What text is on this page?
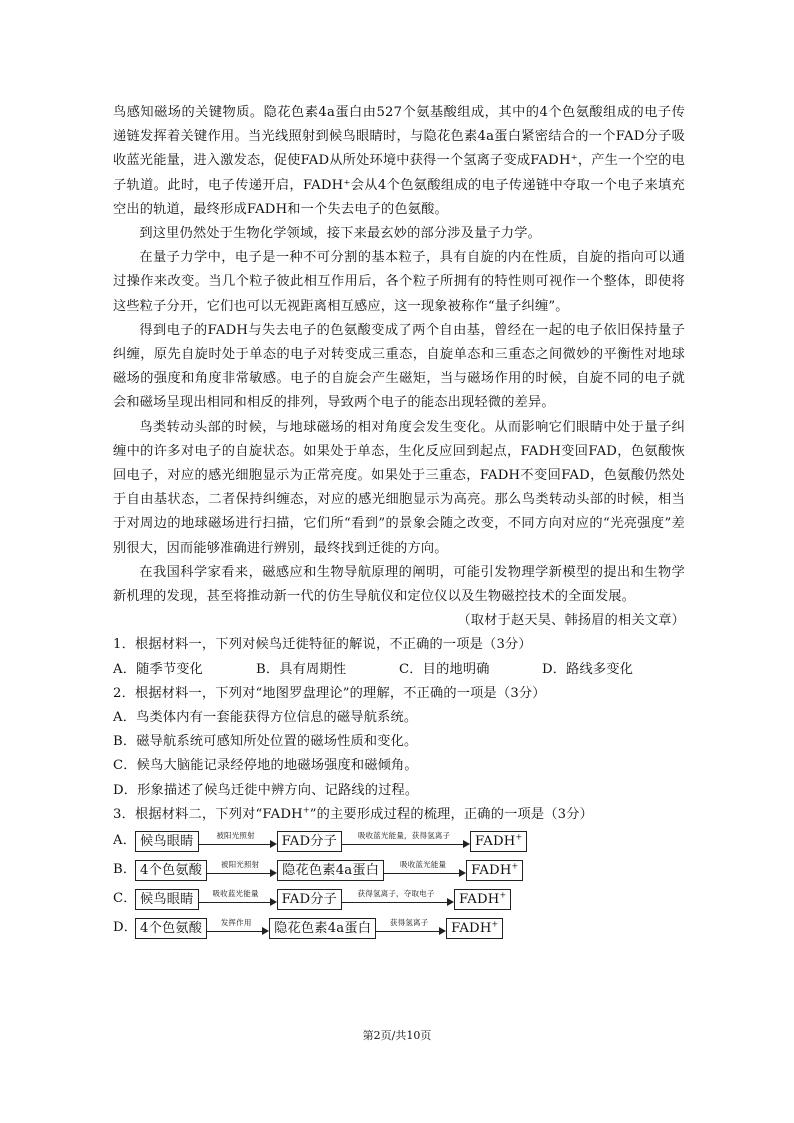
鸟感知磁场的关键物质。隐花色素4a蛋白由527个氨基酸组成，其中的4个色氨酸组成的电子传递链发挥着关键作用。当光线照射到候鸟眼睛时，与隐花色素4a蛋白紧密结合的一个FAD分子吸收蓝光能量，进入激发态，促使FAD从所处环境中获得一个氢离子变成FADH⁺，产生一个空的电子轨道。此时，电子传递开启，FADH⁺会从4个色氨酸组成的电子传递链中夺取一个电子来填充空出的轨道，最终形成FADH和一个失去电子的色氨酸。

到这里仍然处于生物化学领域，接下来最玄妙的部分涉及量子力学。

在量子力学中，电子是一种不可分割的基本粒子，具有自旋的内在性质，自旋的指向可以通过操作来改变。当几个粒子彼此相互作用后，各个粒子所拥有的特性则可视作一个整体，即使将这些粒子分开，它们也可以无视距离相互感应，这一现象被称作“量子纠缠”。

得到电子的FADH与失去电子的色氨酸变成了两个自由基，曾经在一起的电子依旧保持量子纠缠，原先自旋时处于单态的电子对转变成三重态，自旋单态和三重态之间微妙的平衡性对地球磁场的强度和角度非常敏感。电子的自旋会产生磁矩，当与磁场作用的时候，自旋不同的电子就会和磁场呈现出相同和相反的排列，导致两个电子的能态出现轻微的差异。

鸟类转动头部的时候，与地球磁场的相对角度会发生变化。从而影响它们眼睛中处于量子纠缠中的许多对电子的自旋状态。如果处于单态，生化反应回到起点，FADH变回FAD，色氨酸恢回电子，对应的感光细胞显示为正常亮度。如果处于三重态，FADH不变回FAD，色氨酸仍然处于自由基状态，二者保持纠缠态，对应的感光细胞显示为高亮。那么鸟类转动头部的时候，相当于对周边的地球磁场进行扫描，它们所“看到”的景象会随之改变，不同方向对应的“光亮强度”差别很大，因而能够准确进行辨别，最终找到迁徙的方向。

在我国科学家看来，磁感应和生物导航原理的阐明，可能引发物理学新模型的提出和生物学新机理的发现，甚至将推动新一代的仿生导航仪和定位仪以及生物磁控技术的全面发展。

（取材于赵天昊、韩扬眉的相关文章）

1．根据材料一，下列对候鸟迁徙特征的解说，不正确的一项是（3分）

A．随季节变化	B．具有周期性	C．目的地明确	D．路线多变化

2．根据材料一，下列对“地图罗盘理论”的理解，不正确的一项是（3分）

A．鸟类体内有一套能获得方位信息的磁导航系统。

B．磁导航系统可感知所处位置的磁场性质和变化。

C．候鸟大脑能记录经停地的地磁场强度和磁倾角。

D．形象描述了候鸟迁徙中辨方向、记路线的过程。

3．根据材料二，下列对“FADH+”的主要形成过程的梳理，正确的一项是（3分）

A． 候鸟眼睛	被阳光照射	FAD分子	吸收蓝光能量，获得氢离子	FADH+
B． 4个色氨酸	被阳光照射	隐花色素4a蛋白	吸收蓝光能量	FADH+
C． 候鸟眼睛	吸收蓝光能量	FAD分子	获得氢离子，夺取电子	FADH+
D． 4个色氨酸	发挥作用	隐花色素4a蛋白	获得氢离子	FADH+
第2页/共10页
